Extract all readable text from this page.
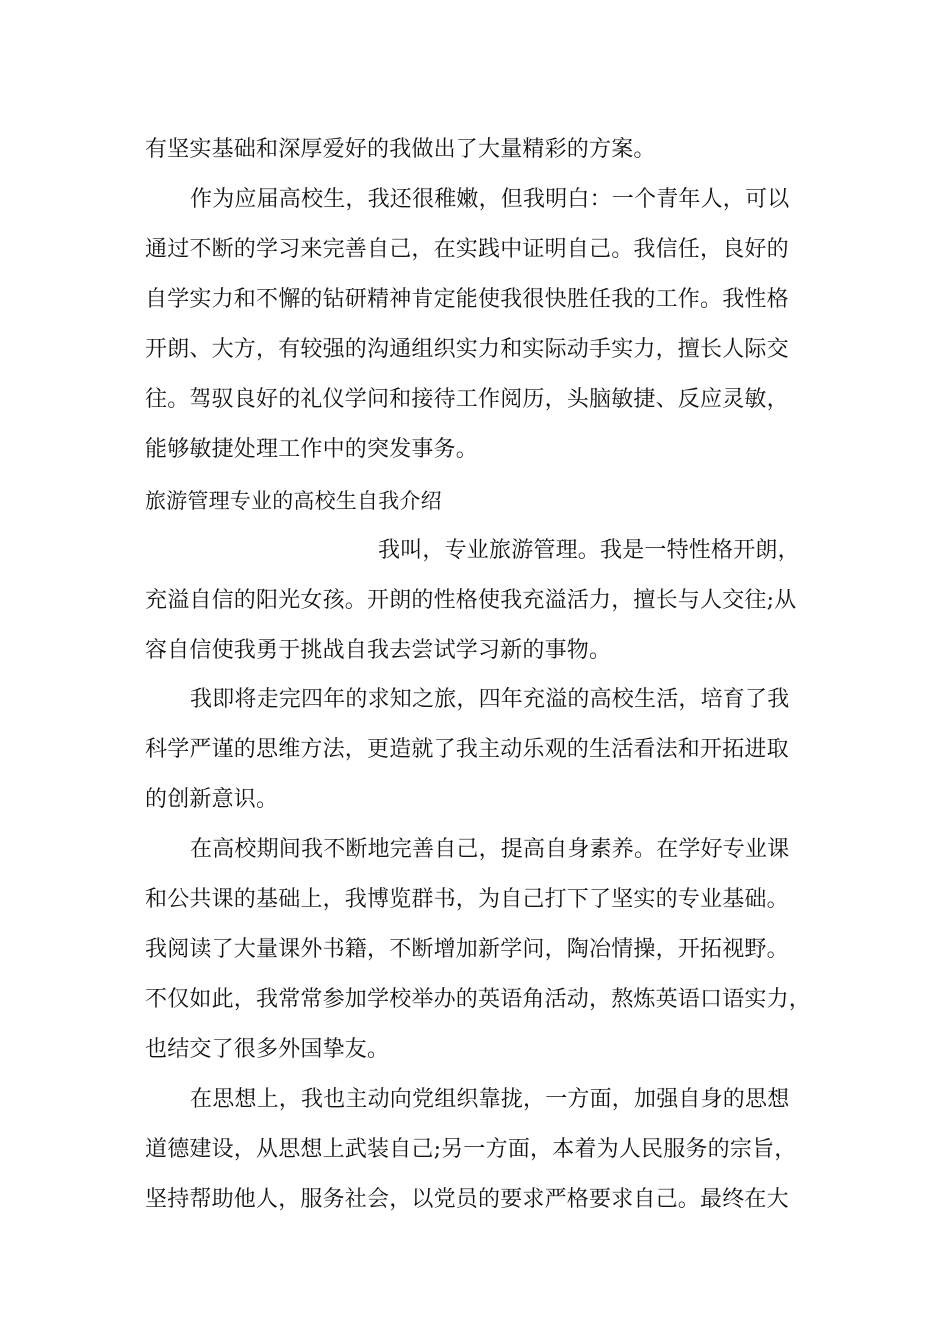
有坚实基础和深厚爱好的我做出了大量精彩的方案。
作为应届高校生，我还很稚嫩，但我明白：一个青年人，可以
通过不断的学习来完善自己，在实践中证明自己。我信任，良好的
自学实力和不懈的钻研精神肯定能使我很快胜任我的工作。我性格
开朗、大方，有较强的沟通组织实力和实际动手实力，擅长人际交
往。驾驭良好的礼仪学问和接待工作阅历，头脑敏捷、反应灵敏，
能够敏捷处理工作中的突发事务。
旅游管理专业的高校生自我介绍
我叫，专业旅游管理。我是一特性格开朗，
充溢自信的阳光女孩。开朗的性格使我充溢活力，擅长与人交往;从
容自信使我勇于挑战自我去尝试学习新的事物。
我即将走完四年的求知之旅，四年充溢的高校生活，培育了我
科学严谨的思维方法，更造就了我主动乐观的生活看法和开拓进取
的创新意识。
在高校期间我不断地完善自己，提高自身素养。在学好专业课
和公共课的基础上，我博览群书，为自己打下了坚实的专业基础。
我阅读了大量课外书籍，不断增加新学问，陶冶情操，开拓视野。
不仅如此，我常常参加学校举办的英语角活动，熬炼英语口语实力，
也结交了很多外国挚友。
在思想上，我也主动向党组织靠拢，一方面，加强自身的思想
道德建设，从思想上武装自己;另一方面，本着为人民服务的宗旨，
坚持帮助他人，服务社会，以党员的要求严格要求自己。最终在大
